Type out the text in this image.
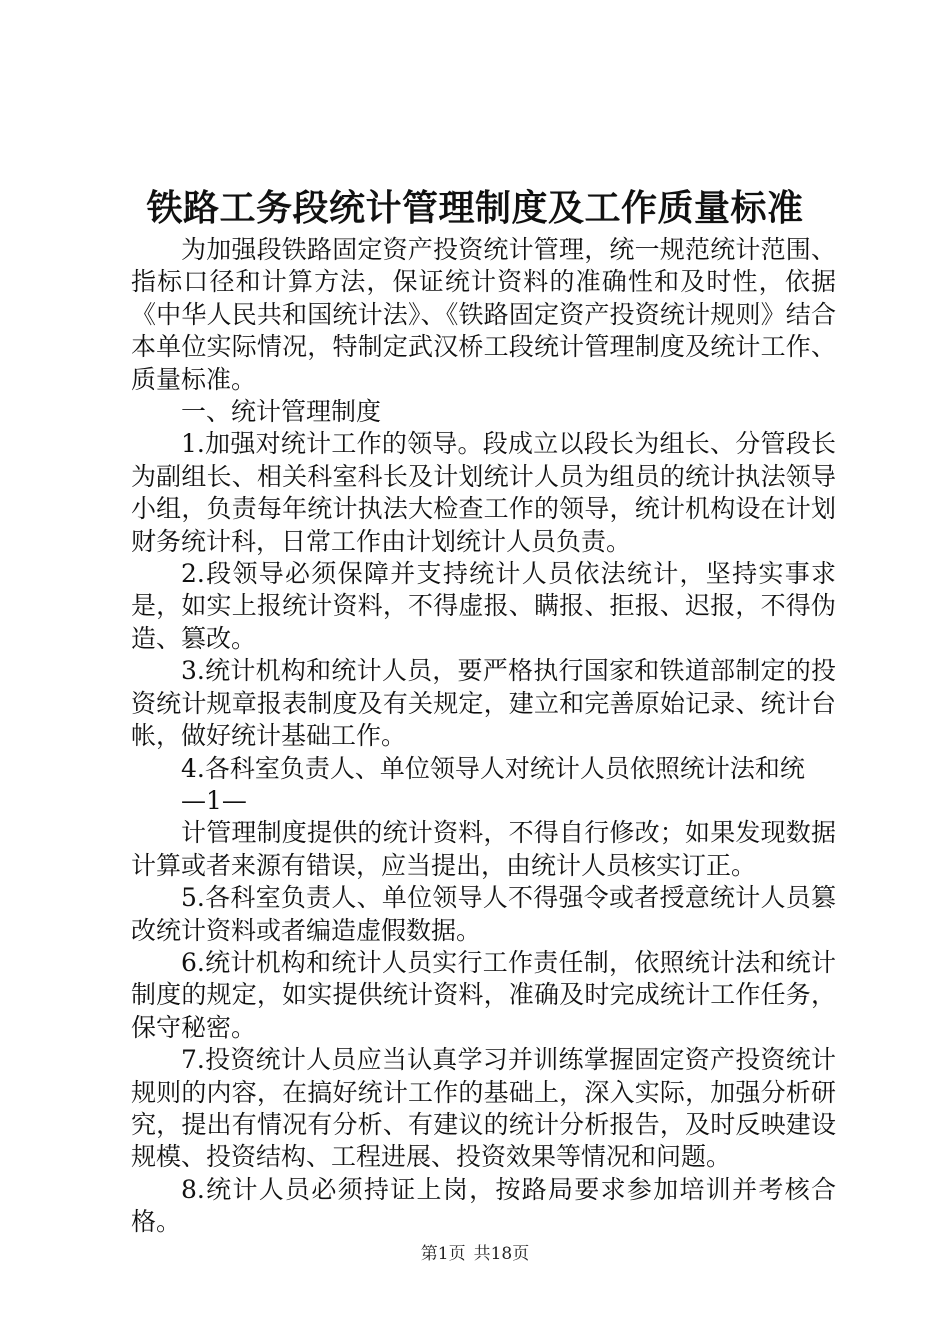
铁路工务段统计管理制度及工作质量标准

为加强段铁路固定资产投资统计管理，统一规范统计范围、指标口径和计算方法，保证统计资料的准确性和及时性，依据《中华人民共和国统计法》、《铁路固定资产投资统计规则》结合本单位实际情况，特制定武汉桥工段统计管理制度及统计工作、质量标准。

一、统计管理制度

1.加强对统计工作的领导。段成立以段长为组长、分管段长为副组长、相关科室科长及计划统计人员为组员的统计执法领导小组，负责每年统计执法大检查工作的领导，统计机构设在计划财务统计科，日常工作由计划统计人员负责。

2.段领导必须保障并支持统计人员依法统计，坚持实事求是，如实上报统计资料，不得虚报、瞒报、拒报、迟报，不得伪造、篡改。

3.统计机构和统计人员，要严格执行国家和铁道部制定的投资统计规章报表制度及有关规定，建立和完善原始记录、统计台帐，做好统计基础工作。

4.各科室负责人、单位领导人对统计人员依照统计法和统

—1—

计管理制度提供的统计资料，不得自行修改；如果发现数据计算或者来源有错误，应当提出，由统计人员核实订正。

5.各科室负责人、单位领导人不得强令或者授意统计人员篡改统计资料或者编造虚假数据。

6.统计机构和统计人员实行工作责任制，依照统计法和统计制度的规定，如实提供统计资料，准确及时完成统计工作任务，保守秘密。

7.投资统计人员应当认真学习并训练掌握固定资产投资统计规则的内容，在搞好统计工作的基础上，深入实际，加强分析研究，提出有情况有分析、有建议的统计分析报告，及时反映建设规模、投资结构、工程进展、投资效果等情况和问题。

8.统计人员必须持证上岗，按路局要求参加培训并考核合格。

第1页 共18页
